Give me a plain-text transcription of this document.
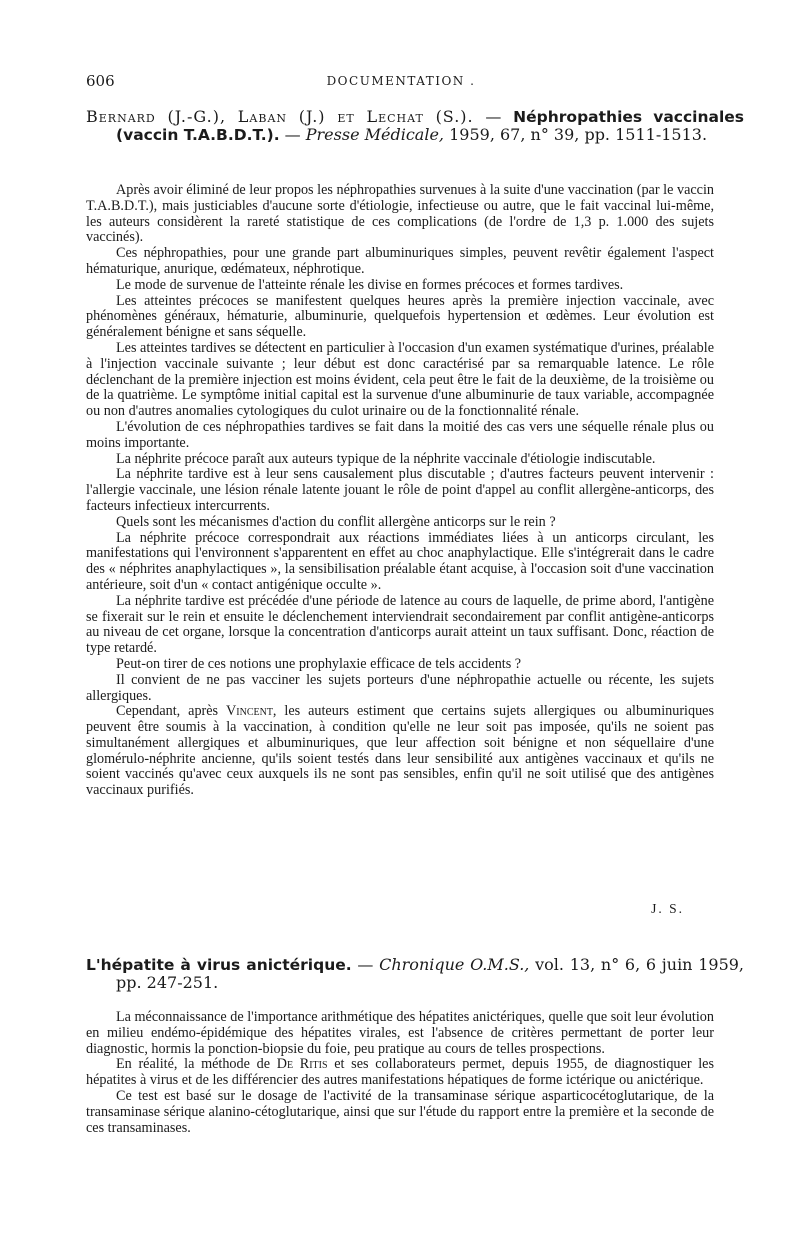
606	DOCUMENTATION .
Bernard (J.-G.), Laban (J.) et Lechat (S.). — Néphropathies vaccinales (vaccin T.A.B.D.T.). — Presse Médicale, 1959, 67, n° 39, pp. 1511-1513.

Après avoir éliminé de leur propos les néphropathies survenues à la suite d'une vaccination (par le vaccin T.A.B.D.T.), mais justiciables d'aucune sorte d'étiologie, infectieuse ou autre, que le fait vaccinal lui-même, les auteurs considèrent la rareté statistique de ces complications (de l'ordre de 1,3 p. 1.000 des sujets vaccinés).

Ces néphropathies, pour une grande part albuminuriques simples, peuvent revêtir également l'aspect hématurique, anurique, œdémateux, néphrotique.

Le mode de survenue de l'atteinte rénale les divise en formes précoces et formes tardives.

Les atteintes précoces se manifestent quelques heures après la première injection vaccinale, avec phénomènes généraux, hématurie, albuminurie, quelquefois hypertension et œdèmes. Leur évolution est généralement bénigne et sans séquelle.

Les atteintes tardives se détectent en particulier à l'occasion d'un examen systématique d'urines, préalable à l'injection vaccinale suivante ; leur début est donc caractérisé par sa remarquable latence. Le rôle déclenchant de la première injection est moins évident, cela peut être le fait de la deuxième, de la troisième ou de la quatrième. Le symptôme initial capital est la survenue d'une albuminurie de taux variable, accompagnée ou non d'autres anomalies cytologiques du culot urinaire ou de la fonctionnalité rénale.

L'évolution de ces néphropathies tardives se fait dans la moitié des cas vers une séquelle rénale plus ou moins importante.

La néphrite précoce paraît aux auteurs typique de la néphrite vaccinale d'étiologie indiscutable.

La néphrite tardive est à leur sens causalement plus discutable ; d'autres facteurs peuvent intervenir : l'allergie vaccinale, une lésion rénale latente jouant le rôle de point d'appel au conflit allergène-anticorps, des facteurs infectieux intercurrents.

Quels sont les mécanismes d'action du conflit allergène anticorps sur le rein ?

La néphrite précoce correspondrait aux réactions immédiates liées à un anticorps circulant, les manifestations qui l'environnent s'apparentent en effet au choc anaphylactique. Elle s'intégrerait dans le cadre des « néphrites anaphylactiques », la sensibilisation préalable étant acquise, à l'occasion soit d'une vaccination antérieure, soit d'un « contact antigénique occulte ».

La néphrite tardive est précédée d'une période de latence au cours de laquelle, de prime abord, l'antigène se fixerait sur le rein et ensuite le déclenchement interviendrait secondairement par conflit antigène-anticorps au niveau de cet organe, lorsque la concentration d'anticorps aurait atteint un taux suffisant. Donc, réaction de type retardé.

Peut-on tirer de ces notions une prophylaxie efficace de tels accidents ?

Il convient de ne pas vacciner les sujets porteurs d'une néphropathie actuelle ou récente, les sujets allergiques.

Cependant, après Vincent, les auteurs estiment que certains sujets allergiques ou albuminuriques peuvent être soumis à la vaccination, à condition qu'elle ne leur soit pas imposée, qu'ils ne soient pas simultanément allergiques et albuminuriques, que leur affection soit bénigne et non séquellaire d'une glomérulo-néphrite ancienne, qu'ils soient testés dans leur sensibilité aux antigènes vaccinaux et qu'ils ne soient vaccinés qu'avec ceux auxquels ils ne sont pas sensibles, enfin qu'il ne soit utilisé que des antigènes vaccinaux purifiés.

J. S.
L'hépatite à virus anictérique. — Chronique O.M.S., vol. 13, n° 6, 6 juin 1959, pp. 247-251.

La méconnaissance de l'importance arithmétique des hépatites anictériques, quelle que soit leur évolution en milieu endémo-épidémique des hépatites virales, est l'absence de critères permettant de porter leur diagnostic, hormis la ponction-biopsie du foie, peu pratique au cours de telles prospections.

En réalité, la méthode de De Ritis et ses collaborateurs permet, depuis 1955, de diagnostiquer les hépatites à virus et de les différencier des autres manifestations hépatiques de forme ictérique ou anictérique.

Ce test est basé sur le dosage de l'activité de la transaminase sérique asparticocétoglutarique, de la transaminase sérique alanino-cétoglutarique, ainsi que sur l'étude du rapport entre la première et la seconde de ces transaminases.
